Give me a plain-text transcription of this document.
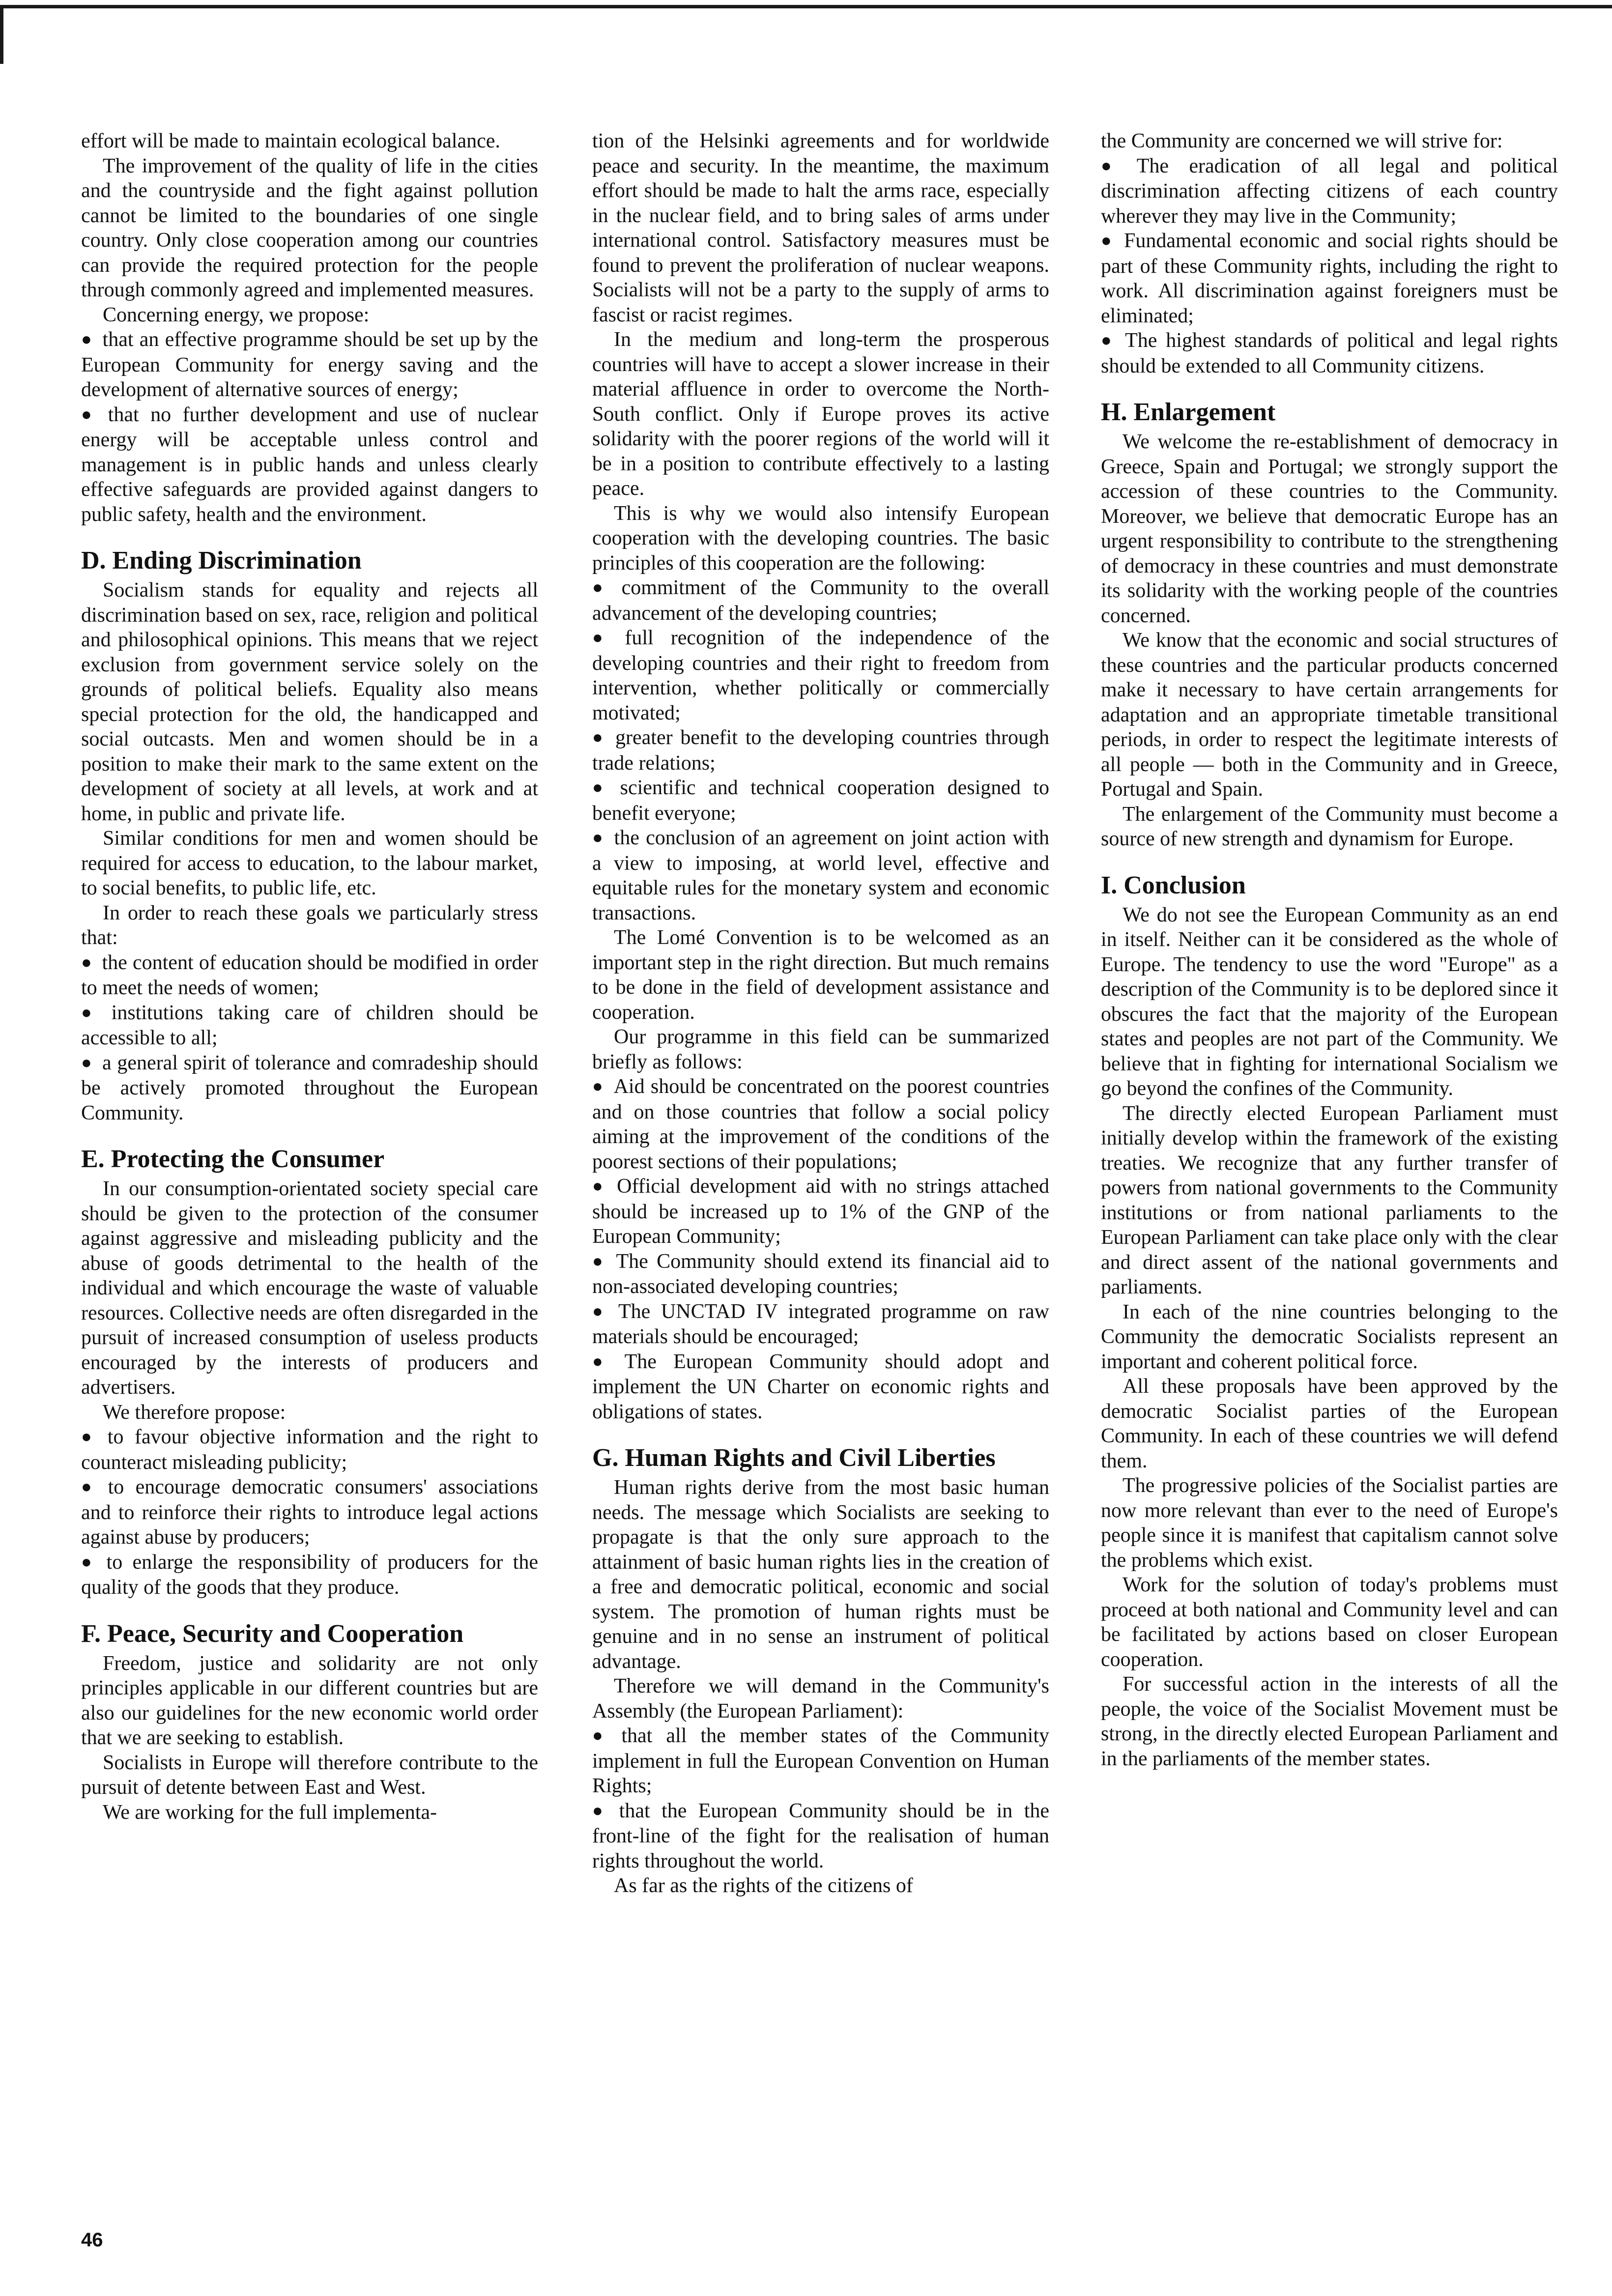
effort will be made to maintain ecological balance.

The improvement of the quality of life in the cities and the countryside and the fight against pollution cannot be limited to the boundaries of one single country. Only close cooperation among our countries can provide the required protection for the people through commonly agreed and implemented measures.

Concerning energy, we propose:

● that an effective programme should be set up by the European Community for energy saving and the development of alternative sources of energy;

● that no further development and use of nuclear energy will be acceptable unless control and management is in public hands and unless clearly effective safeguards are provided against dangers to public safety, health and the environment.

D. Ending Discrimination

Socialism stands for equality and rejects all discrimination based on sex, race, religion and political and philosophical opinions. This means that we reject exclusion from government service solely on the grounds of political beliefs. Equality also means special protection for the old, the handicapped and social outcasts. Men and women should be in a position to make their mark to the same extent on the development of society at all levels, at work and at home, in public and private life.

Similar conditions for men and women should be required for access to education, to the labour market, to social benefits, to public life, etc.

In order to reach these goals we particularly stress that:

● the content of education should be modified in order to meet the needs of women;

● institutions taking care of children should be accessible to all;

● a general spirit of tolerance and comradeship should be actively promoted throughout the European Community.

E. Protecting the Consumer

In our consumption-orientated society special care should be given to the protection of the consumer against aggressive and misleading publicity and the abuse of goods detrimental to the health of the individual and which encourage the waste of valuable resources. Collective needs are often disregarded in the pursuit of increased consumption of useless products encouraged by the interests of producers and advertisers.

We therefore propose:

● to favour objective information and the right to counteract misleading publicity;

● to encourage democratic consumers' associations and to reinforce their rights to introduce legal actions against abuse by producers;

● to enlarge the responsibility of producers for the quality of the goods that they produce.

F. Peace, Security and Cooperation

Freedom, justice and solidarity are not only principles applicable in our different countries but are also our guidelines for the new economic world order that we are seeking to establish.

Socialists in Europe will therefore contribute to the pursuit of detente between East and West.

We are working for the full implementa-

tion of the Helsinki agreements and for worldwide peace and security. In the meantime, the maximum effort should be made to halt the arms race, especially in the nuclear field, and to bring sales of arms under international control. Satisfactory measures must be found to prevent the proliferation of nuclear weapons. Socialists will not be a party to the supply of arms to fascist or racist regimes.

In the medium and long-term the prosperous countries will have to accept a slower increase in their material affluence in order to overcome the North-South conflict. Only if Europe proves its active solidarity with the poorer regions of the world will it be in a position to contribute effectively to a lasting peace.

This is why we would also intensify European cooperation with the developing countries. The basic principles of this cooperation are the following:

● commitment of the Community to the overall advancement of the developing countries;

● full recognition of the independence of the developing countries and their right to freedom from intervention, whether politically or commercially motivated;

● greater benefit to the developing countries through trade relations;

● scientific and technical cooperation designed to benefit everyone;

● the conclusion of an agreement on joint action with a view to imposing, at world level, effective and equitable rules for the monetary system and economic transactions.

The Lomé Convention is to be welcomed as an important step in the right direction. But much remains to be done in the field of development assistance and cooperation.

Our programme in this field can be summarized briefly as follows:

● Aid should be concentrated on the poorest countries and on those countries that follow a social policy aiming at the improvement of the conditions of the poorest sections of their populations;

● Official development aid with no strings attached should be increased up to 1% of the GNP of the European Community;

● The Community should extend its financial aid to non-associated developing countries;

● The UNCTAD IV integrated programme on raw materials should be encouraged;

● The European Community should adopt and implement the UN Charter on economic rights and obligations of states.

G. Human Rights and Civil Liberties

Human rights derive from the most basic human needs. The message which Socialists are seeking to propagate is that the only sure approach to the attainment of basic human rights lies in the creation of a free and democratic political, economic and social system. The promotion of human rights must be genuine and in no sense an instrument of political advantage.

Therefore we will demand in the Community's Assembly (the European Parliament):

● that all the member states of the Community implement in full the European Convention on Human Rights;

● that the European Community should be in the front-line of the fight for the realisation of human rights throughout the world.

As far as the rights of the citizens of

the Community are concerned we will strive for:

● The eradication of all legal and political discrimination affecting citizens of each country wherever they may live in the Community;

● Fundamental economic and social rights should be part of these Community rights, including the right to work. All discrimination against foreigners must be eliminated;

● The highest standards of political and legal rights should be extended to all Community citizens.

H. Enlargement

We welcome the re-establishment of democracy in Greece, Spain and Portugal; we strongly support the accession of these countries to the Community. Moreover, we believe that democratic Europe has an urgent responsibility to contribute to the strengthening of democracy in these countries and must demonstrate its solidarity with the working people of the countries concerned.

We know that the economic and social structures of these countries and the particular products concerned make it necessary to have certain arrangements for adaptation and an appropriate timetable transitional periods, in order to respect the legitimate interests of all people — both in the Community and in Greece, Portugal and Spain.

The enlargement of the Community must become a source of new strength and dynamism for Europe.

I. Conclusion

We do not see the European Community as an end in itself. Neither can it be considered as the whole of Europe. The tendency to use the word "Europe" as a description of the Community is to be deplored since it obscures the fact that the majority of the European states and peoples are not part of the Community. We believe that in fighting for international Socialism we go beyond the confines of the Community.

The directly elected European Parliament must initially develop within the framework of the existing treaties. We recognize that any further transfer of powers from national governments to the Community institutions or from national parliaments to the European Parliament can take place only with the clear and direct assent of the national governments and parliaments.

In each of the nine countries belonging to the Community the democratic Socialists represent an important and coherent political force.

All these proposals have been approved by the democratic Socialist parties of the European Community. In each of these countries we will defend them.

The progressive policies of the Socialist parties are now more relevant than ever to the need of Europe's people since it is manifest that capitalism cannot solve the problems which exist.

Work for the solution of today's problems must proceed at both national and Community level and can be facilitated by actions based on closer European cooperation.

For successful action in the interests of all the people, the voice of the Socialist Movement must be strong, in the directly elected European Parliament and in the parliaments of the member states.

46
